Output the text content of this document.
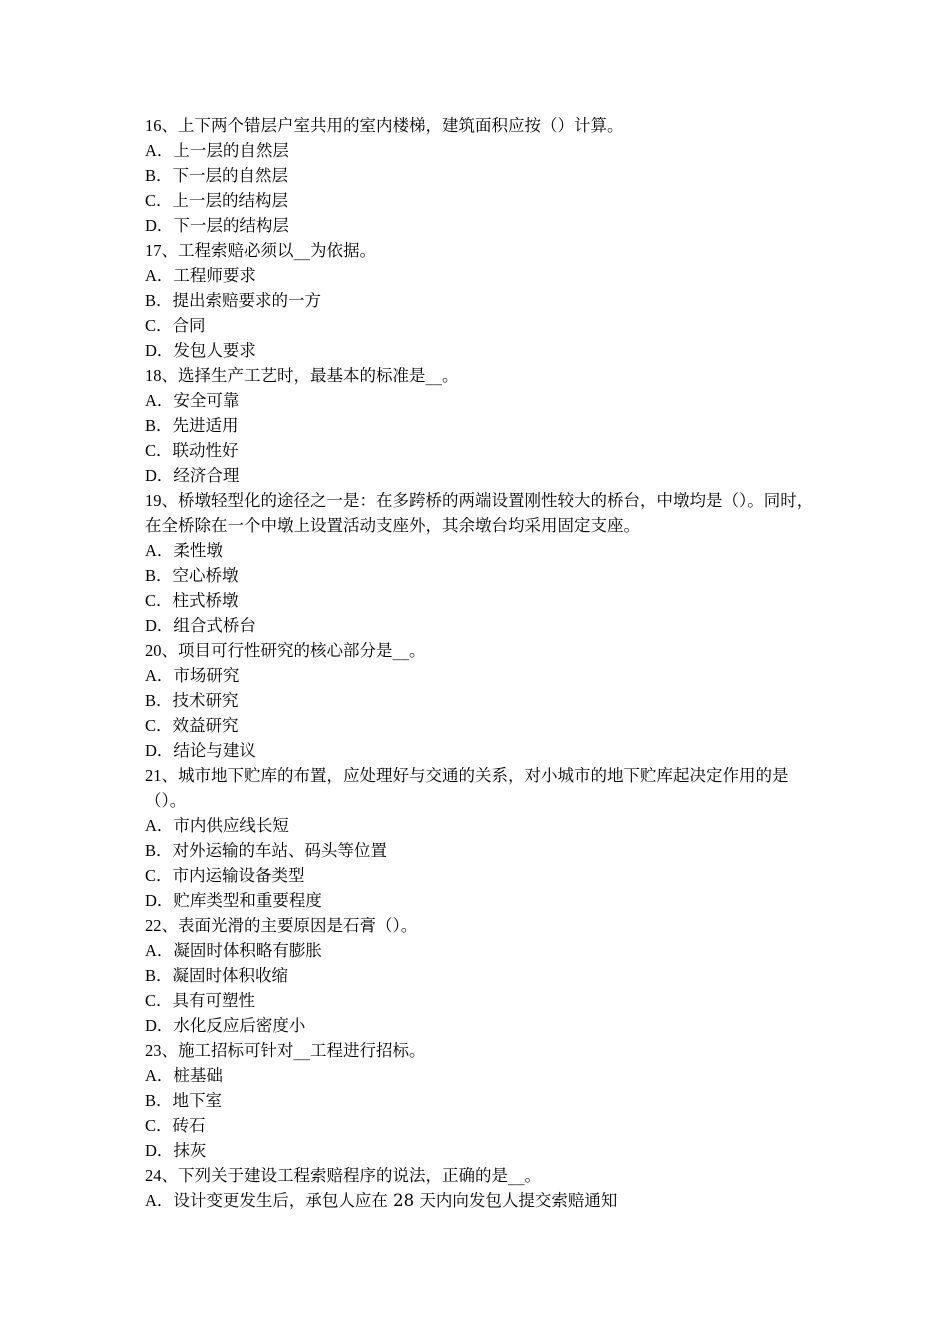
16、上下两个错层户室共用的室内楼梯，建筑面积应按（）计算。
A．上一层的自然层
B．下一层的自然层
C．上一层的结构层
D．下一层的结构层
17、工程索赔必须以__为依据。
A．工程师要求
B．提出索赔要求的一方
C．合同
D．发包人要求
18、选择生产工艺时，最基本的标准是__。
A．安全可靠
B．先进适用
C．联动性好
D．经济合理
19、桥墩轻型化的途径之一是：在多跨桥的两端设置刚性较大的桥台，中墩均是（）。同时，在全桥除在一个中墩上设置活动支座外，其余墩台均采用固定支座。
A．柔性墩
B．空心桥墩
C．柱式桥墩
D．组合式桥台
20、项目可行性研究的核心部分是__。
A．市场研究
B．技术研究
C．效益研究
D．结论与建议
21、城市地下贮库的布置，应处理好与交通的关系，对小城市的地下贮库起决定作用的是（）。
A．市内供应线长短
B．对外运输的车站、码头等位置
C．市内运输设备类型
D．贮库类型和重要程度
22、表面光滑的主要原因是石膏（）。
A．凝固时体积略有膨胀
B．凝固时体积收缩
C．具有可塑性
D．水化反应后密度小
23、施工招标可针对__工程进行招标。
A．桩基础
B．地下室
C．砖石
D．抹灰
24、下列关于建设工程索赔程序的说法，正确的是__。
A．设计变更发生后，承包人应在 28 天内向发包人提交索赔通知
